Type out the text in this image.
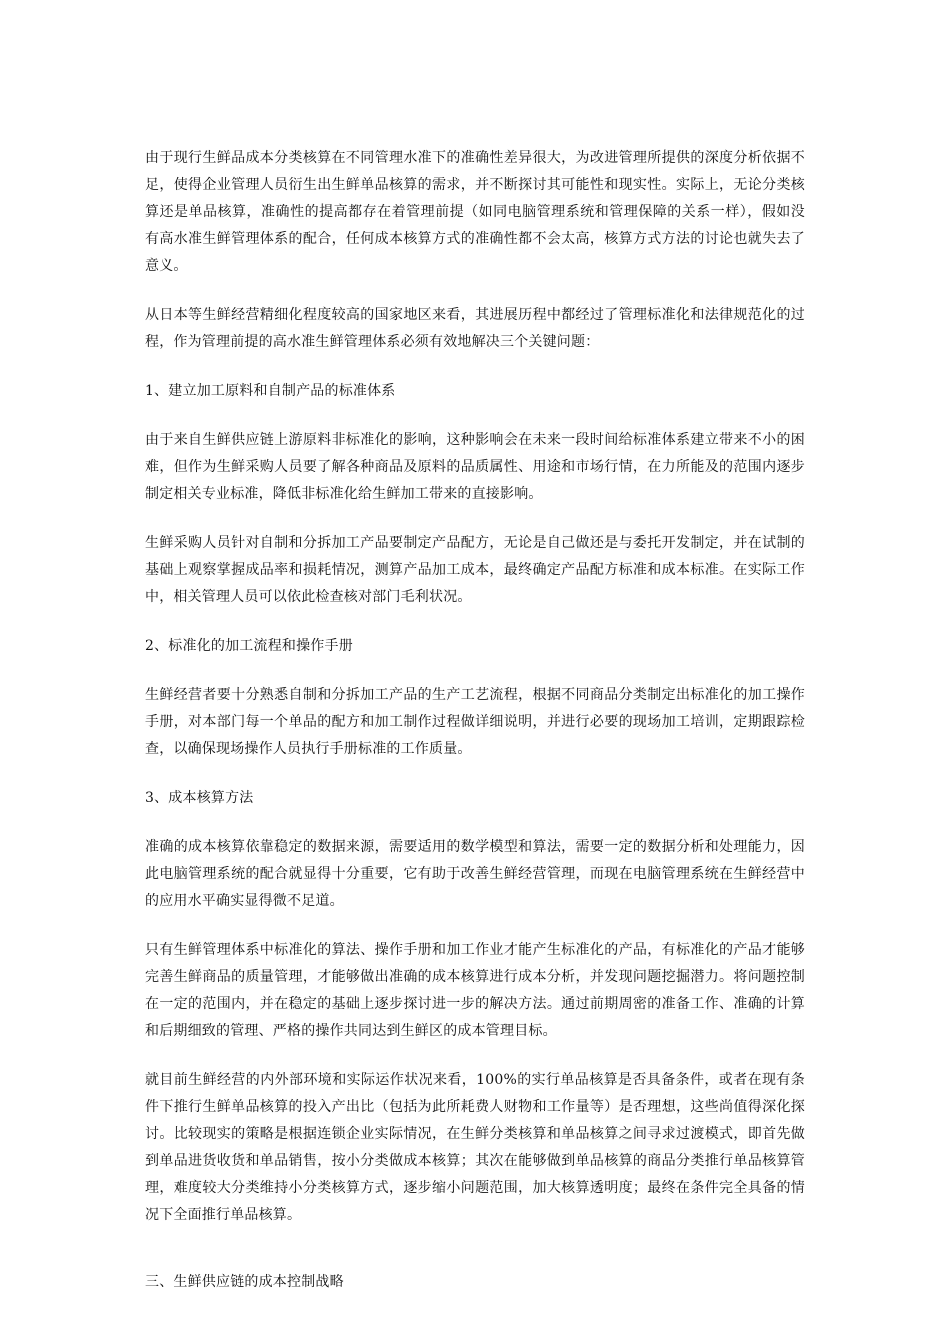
由于现行生鲜品成本分类核算在不同管理水准下的准确性差异很大，为改进管理所提供的深度分析依据不足，使得企业管理人员衍生出生鲜单品核算的需求，并不断探讨其可能性和现实性。实际上，无论分类核算还是单品核算，准确性的提高都存在着管理前提（如同电脑管理系统和管理保障的关系一样），假如没有高水准生鲜管理体系的配合，任何成本核算方式的准确性都不会太高，核算方式方法的讨论也就失去了意义。

从日本等生鲜经营精细化程度较高的国家地区来看，其进展历程中都经过了管理标准化和法律规范化的过程，作为管理前提的高水准生鲜管理体系必须有效地解决三个关键问题：

1、建立加工原料和自制产品的标准体系

由于来自生鲜供应链上游原料非标准化的影响，这种影响会在未来一段时间给标准体系建立带来不小的困难，但作为生鲜采购人员要了解各种商品及原料的品质属性、用途和市场行情，在力所能及的范围内逐步制定相关专业标准，降低非标准化给生鲜加工带来的直接影响。

生鲜采购人员针对自制和分拆加工产品要制定产品配方，无论是自己做还是与委托开发制定，并在试制的基础上观察掌握成品率和损耗情况，测算产品加工成本，最终确定产品配方标准和成本标准。在实际工作中，相关管理人员可以依此检查核对部门毛利状况。

2、标准化的加工流程和操作手册

生鲜经营者要十分熟悉自制和分拆加工产品的生产工艺流程，根据不同商品分类制定出标准化的加工操作手册，对本部门每一个单品的配方和加工制作过程做详细说明，并进行必要的现场加工培训，定期跟踪检查，以确保现场操作人员执行手册标准的工作质量。

3、成本核算方法

准确的成本核算依靠稳定的数据来源，需要适用的数学模型和算法，需要一定的数据分析和处理能力，因此电脑管理系统的配合就显得十分重要，它有助于改善生鲜经营管理，而现在电脑管理系统在生鲜经营中的应用水平确实显得微不足道。

只有生鲜管理体系中标准化的算法、操作手册和加工作业才能产生标准化的产品，有标准化的产品才能够完善生鲜商品的质量管理，才能够做出准确的成本核算进行成本分析，并发现问题挖掘潜力。将问题控制在一定的范围内，并在稳定的基础上逐步探讨进一步的解决方法。通过前期周密的准备工作、准确的计算和后期细致的管理、严格的操作共同达到生鲜区的成本管理目标。

就目前生鲜经营的内外部环境和实际运作状况来看，100%的实行单品核算是否具备条件，或者在现有条件下推行生鲜单品核算的投入产出比（包括为此所耗费人财物和工作量等）是否理想，这些尚值得深化探讨。比较现实的策略是根据连锁企业实际情况，在生鲜分类核算和单品核算之间寻求过渡模式，即首先做到单品进货收货和单品销售，按小分类做成本核算；其次在能够做到单品核算的商品分类推行单品核算管理，难度较大分类维持小分类核算方式，逐步缩小问题范围，加大核算透明度；最终在条件完全具备的情况下全面推行单品核算。

三、生鲜供应链的成本控制战略
